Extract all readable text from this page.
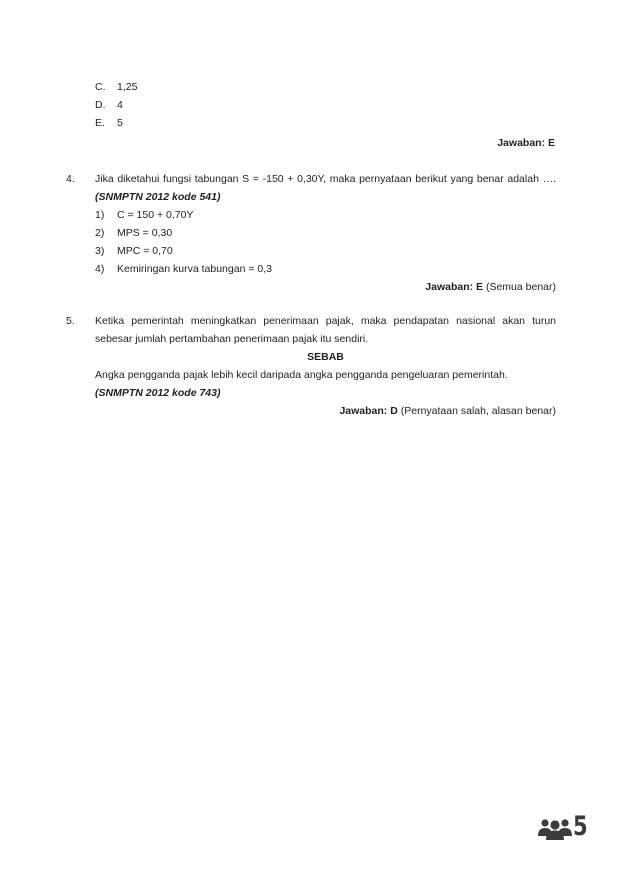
C.	1,25
D.	4
E.	5
Jawaban: E
4.	Jika diketahui fungsi tabungan S = -150 + 0,30Y, maka pernyataan berikut yang benar adalah …. (SNMPTN 2012 kode 541)
1)	C = 150 + 0,70Y
2)	MPS = 0,30
3)	MPC = 0,70
4)	Kemiringan kurva tabungan = 0,3
Jawaban: E (Semua benar)
5.	Ketika pemerintah meningkatkan penerimaan pajak, maka pendapatan nasional akan turun sebesar jumlah pertambahan penerimaan pajak itu sendiri.
SEBAB
Angka pengganda pajak lebih kecil daripada angka pengganda pengeluaran pemerintah.
(SNMPTN 2012 kode 743)
Jawaban: D (Pernyataan salah, alasan benar)
5
